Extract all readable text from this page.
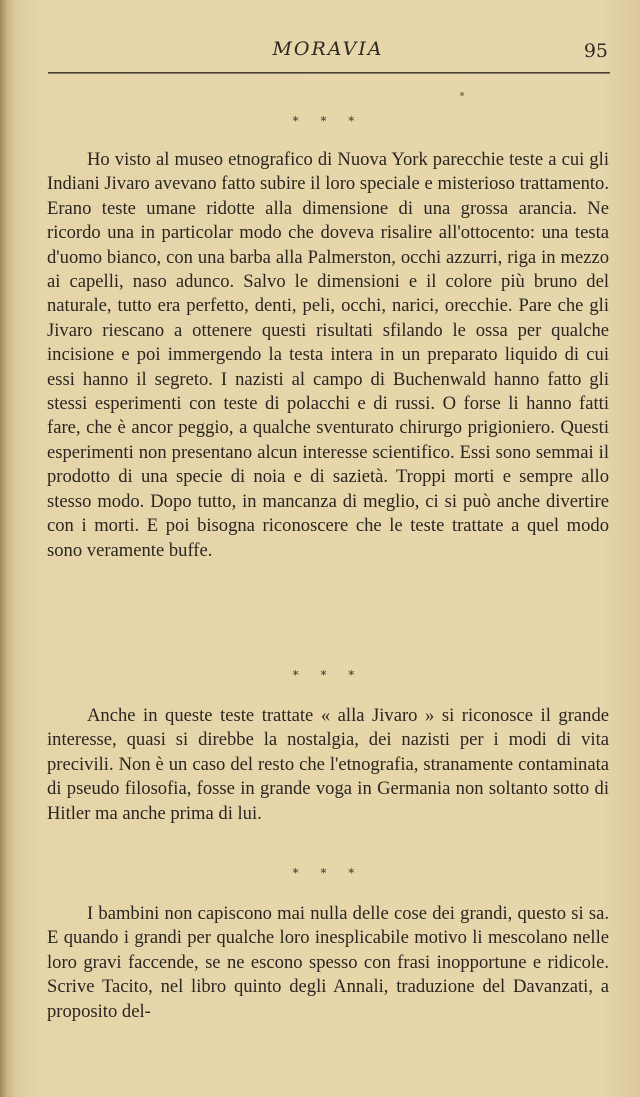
MORAVIA	95
* * *

Ho visto al museo etnografico di Nuova York parecchie teste a cui gli Indiani Jivaro avevano fatto subire il loro speciale e misterioso trattamento. Erano teste umane ridotte alla dimensione di una grossa arancia. Ne ricordo una in particolar modo che doveva risalire all'ottocento: una testa d'uomo bianco, con una barba alla Palmerston, occhi azzurri, riga in mezzo ai capelli, naso adunco. Salvo le dimensioni e il colore più bruno del naturale, tutto era perfetto, denti, peli, occhi, narici, orecchie. Pare che gli Jivaro riescano a ottenere questi risultati sfilando le ossa per qualche incisione e poi immergendo la testa intera in un preparato liquido di cui essi hanno il segreto. I nazisti al campo di Buchenwald hanno fatto gli stessi esperimenti con teste di polacchi e di russi. O forse li hanno fatti fare, che è ancor peggio, a qualche sventurato chirurgo prigioniero. Questi esperimenti non presentano alcun interesse scientifico. Essi sono semmai il prodotto di una specie di noia e di sazietà. Troppi morti e sempre allo stesso modo. Dopo tutto, in mancanza di meglio, ci si può anche divertire con i morti. E poi bisogna riconoscere che le teste trattate a quel modo sono veramente buffe.

* * *

Anche in queste teste trattate « alla Jivaro » si riconosce il grande interesse, quasi si direbbe la nostalgia, dei nazisti per i modi di vita precivili. Non è un caso del resto che l'etnografia, stranamente contaminata di pseudo filosofia, fosse in grande voga in Germania non soltanto sotto di Hitler ma anche prima di lui.

* * *

I bambini non capiscono mai nulla delle cose dei grandi, questo si sa. E quando i grandi per qualche loro inesplicabile motivo li mescolano nelle loro gravi faccende, se ne escono spesso con frasi inopportune e ridicole. Scrive Tacito, nel libro quinto degli Annali, traduzione del Davanzati, a proposito del-
